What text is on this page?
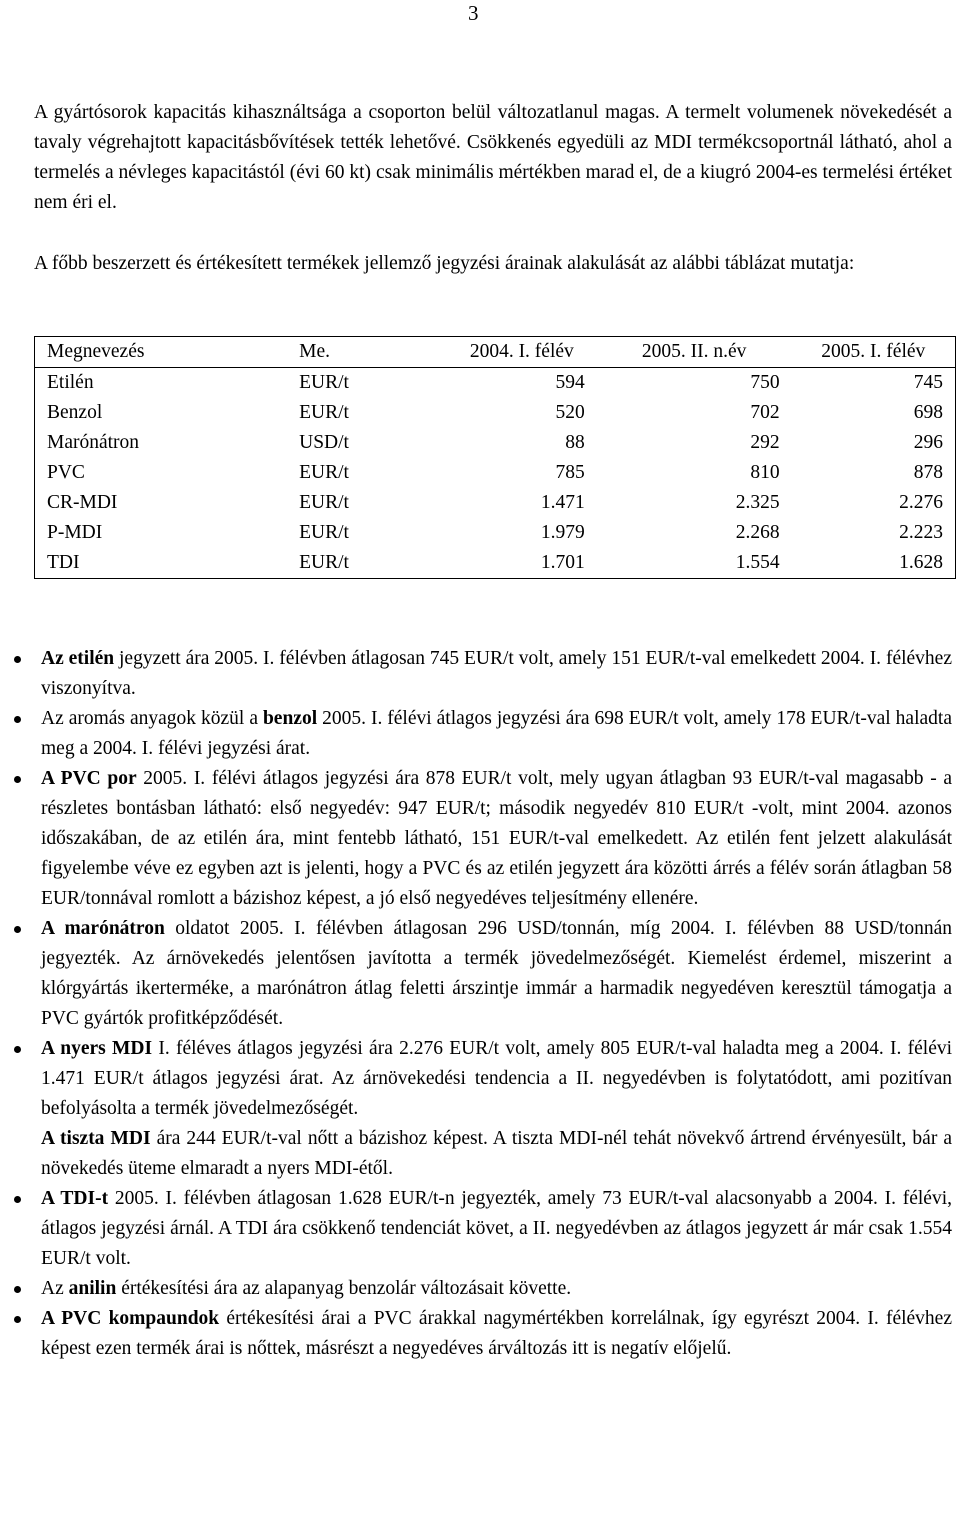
3

A gyártósorok kapacitás kihasználtsága a csoporton belül változatlanul magas. A termelt volumenek növekedését a tavaly végrehajtott kapacitásbővítések tették lehetővé. Csökkenés egyedüli az MDI termékcsoportnál látható, ahol a termelés a névleges kapacitástól (évi 60 kt) csak minimális mértékben marad el, de a kiugró 2004-es termelési értéket nem éri el.

A főbb beszerzett és értékesített termékek jellemző jegyzési árainak alakulását az alábbi táblázat mutatja:

Megnevezés	Me.	2004. I. félév	2005. II. n.év	2005. I. félév
Etilén	EUR/t	594	750	745
Benzol	EUR/t	520	702	698
Marónátron	USD/t	88	292	296
PVC	EUR/t	785	810	878
CR-MDI	EUR/t	1.471	2.325	2.276
P-MDI	EUR/t	1.979	2.268	2.223
TDI	EUR/t	1.701	1.554	1.628
Az etilén jegyzett ára 2005. I. félévben átlagosan 745 EUR/t volt, amely 151 EUR/t-val emelkedett 2004. I. félévhez viszonyítva.
Az aromás anyagok közül a benzol 2005. I. félévi átlagos jegyzési ára 698 EUR/t volt, amely 178 EUR/t-val haladta meg a 2004. I. félévi jegyzési árat.
A PVC por 2005. I. félévi átlagos jegyzési ára 878 EUR/t volt, mely ugyan átlagban 93 EUR/t-val magasabb - a részletes bontásban látható: első negyedév: 947 EUR/t; második negyedév 810 EUR/t -volt, mint 2004. azonos időszakában, de az etilén ára, mint fentebb látható, 151 EUR/t-val emelkedett. Az etilén fent jelzett alakulását figyelembe véve ez egyben azt is jelenti, hogy a PVC és az etilén jegyzett ára közötti árrés a félév során átlagban 58 EUR/tonnával romlott a bázishoz képest, a jó első negyedéves teljesítmény ellenére.
A marónátron oldatot 2005. I. félévben átlagosan 296 USD/tonnán, míg 2004. I. félévben 88 USD/tonnán jegyezték. Az árnövekedés jelentősen javította a termék jövedelmezőségét. Kiemelést érdemel, miszerint a klórgyártás ikerterméke, a marónátron átlag feletti árszintje immár a harmadik negyedéven keresztül támogatja a PVC gyártók profitképződését.
A nyers MDI I. féléves átlagos jegyzési ára 2.276 EUR/t volt, amely 805 EUR/t-val haladta meg a 2004. I. félévi 1.471 EUR/t átlagos jegyzési árat. Az árnövekedési tendencia a II. negyedévben is folytatódott, ami pozitívan befolyásolta a termék jövedelmezőségét.
A tiszta MDI ára 244 EUR/t-val nőtt a bázishoz képest. A tiszta MDI-nél tehát növekvő ártrend érvényesült, bár a növekedés üteme elmaradt a nyers MDI-étől.
A TDI-t 2005. I. félévben átlagosan 1.628 EUR/t-n jegyezték, amely 73 EUR/t-val alacsonyabb a 2004. I. félévi, átlagos jegyzési árnál. A TDI ára csökkenő tendenciát követ, a II. negyedévben az átlagos jegyzett ár már csak 1.554 EUR/t volt.
Az anilin értékesítési ára az alapanyag benzolár változásait követte.
A PVC kompaundok értékesítési árai a PVC árakkal nagymértékben korrelálnak, így egyrészt 2004. I. félévhez képest ezen termék árai is nőttek, másrészt a negyedéves árváltozás itt is negatív előjelű.
